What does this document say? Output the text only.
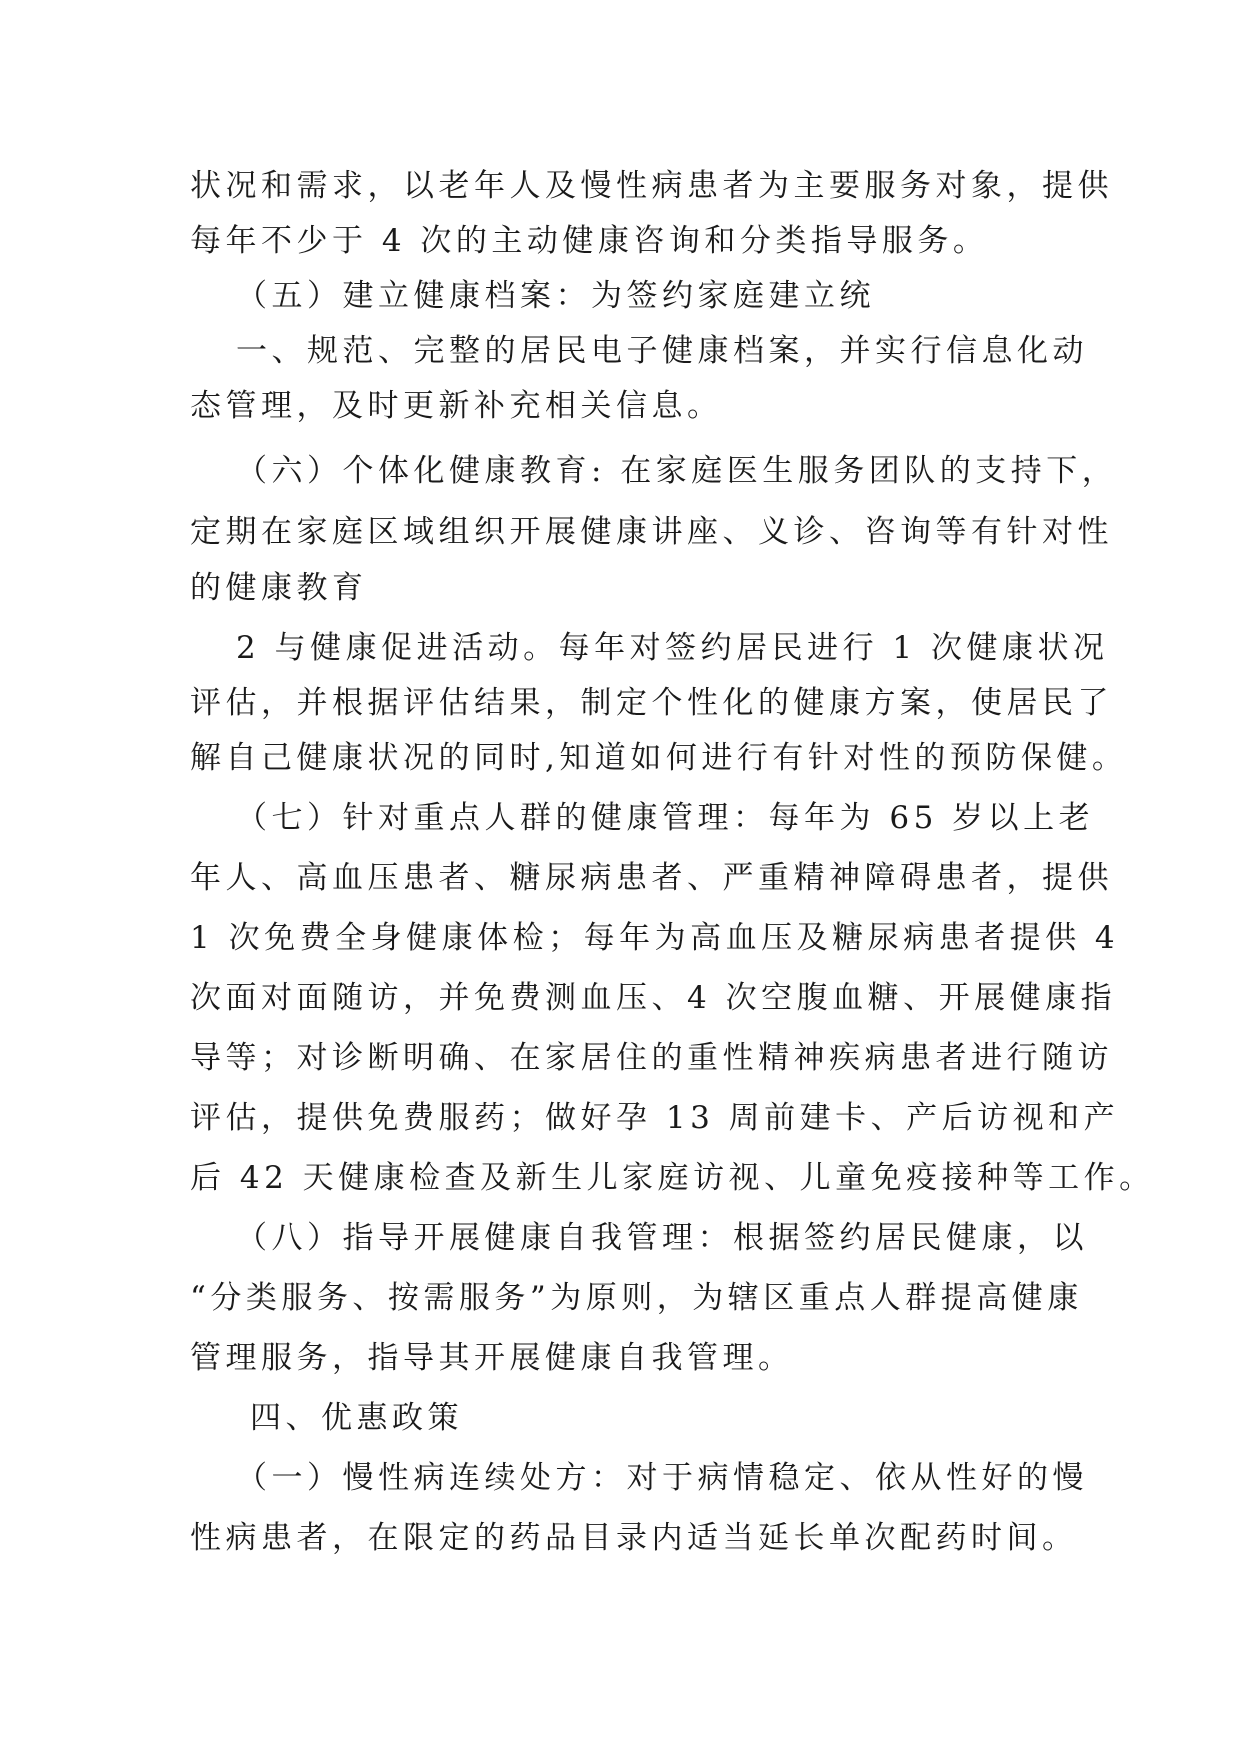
状况和需求，以老年人及慢性病患者为主要服务对象，提供
每年不少于 4 次的主动健康咨询和分类指导服务。
（五）建立健康档案：为签约家庭建立统
一、规范、完整的居民电子健康档案，并实行信息化动
态管理，及时更新补充相关信息。
（六）个体化健康教育: 在家庭医生服务团队的支持下，
定期在家庭区域组织开展健康讲座、义诊、咨询等有针对性
的健康教育
2 与健康促进活动。每年对签约居民进行 1 次健康状况
评估，并根据评估结果，制定个性化的健康方案，使居民了
解自己健康状况的同时,知道如何进行有针对性的预防保健。
（七）针对重点人群的健康管理：每年为 65 岁以上老
年人、高血压患者、糖尿病患者、严重精神障碍患者，提供
1 次免费全身健康体检；每年为高血压及糖尿病患者提供 4
次面对面随访，并免费测血压、4 次空腹血糖、开展健康指
导等；对诊断明确、在家居住的重性精神疾病患者进行随访
评估，提供免费服药；做好孕 13 周前建卡、产后访视和产
后 42 天健康检查及新生儿家庭访视、儿童免疫接种等工作。
（八）指导开展健康自我管理：根据签约居民健康，以
“分类服务、按需服务”为原则，为辖区重点人群提高健康
管理服务，指导其开展健康自我管理。
四、优惠政策
（一）慢性病连续处方：对于病情稳定、依从性好的慢
性病患者，在限定的药品目录内适当延长单次配药时间。
